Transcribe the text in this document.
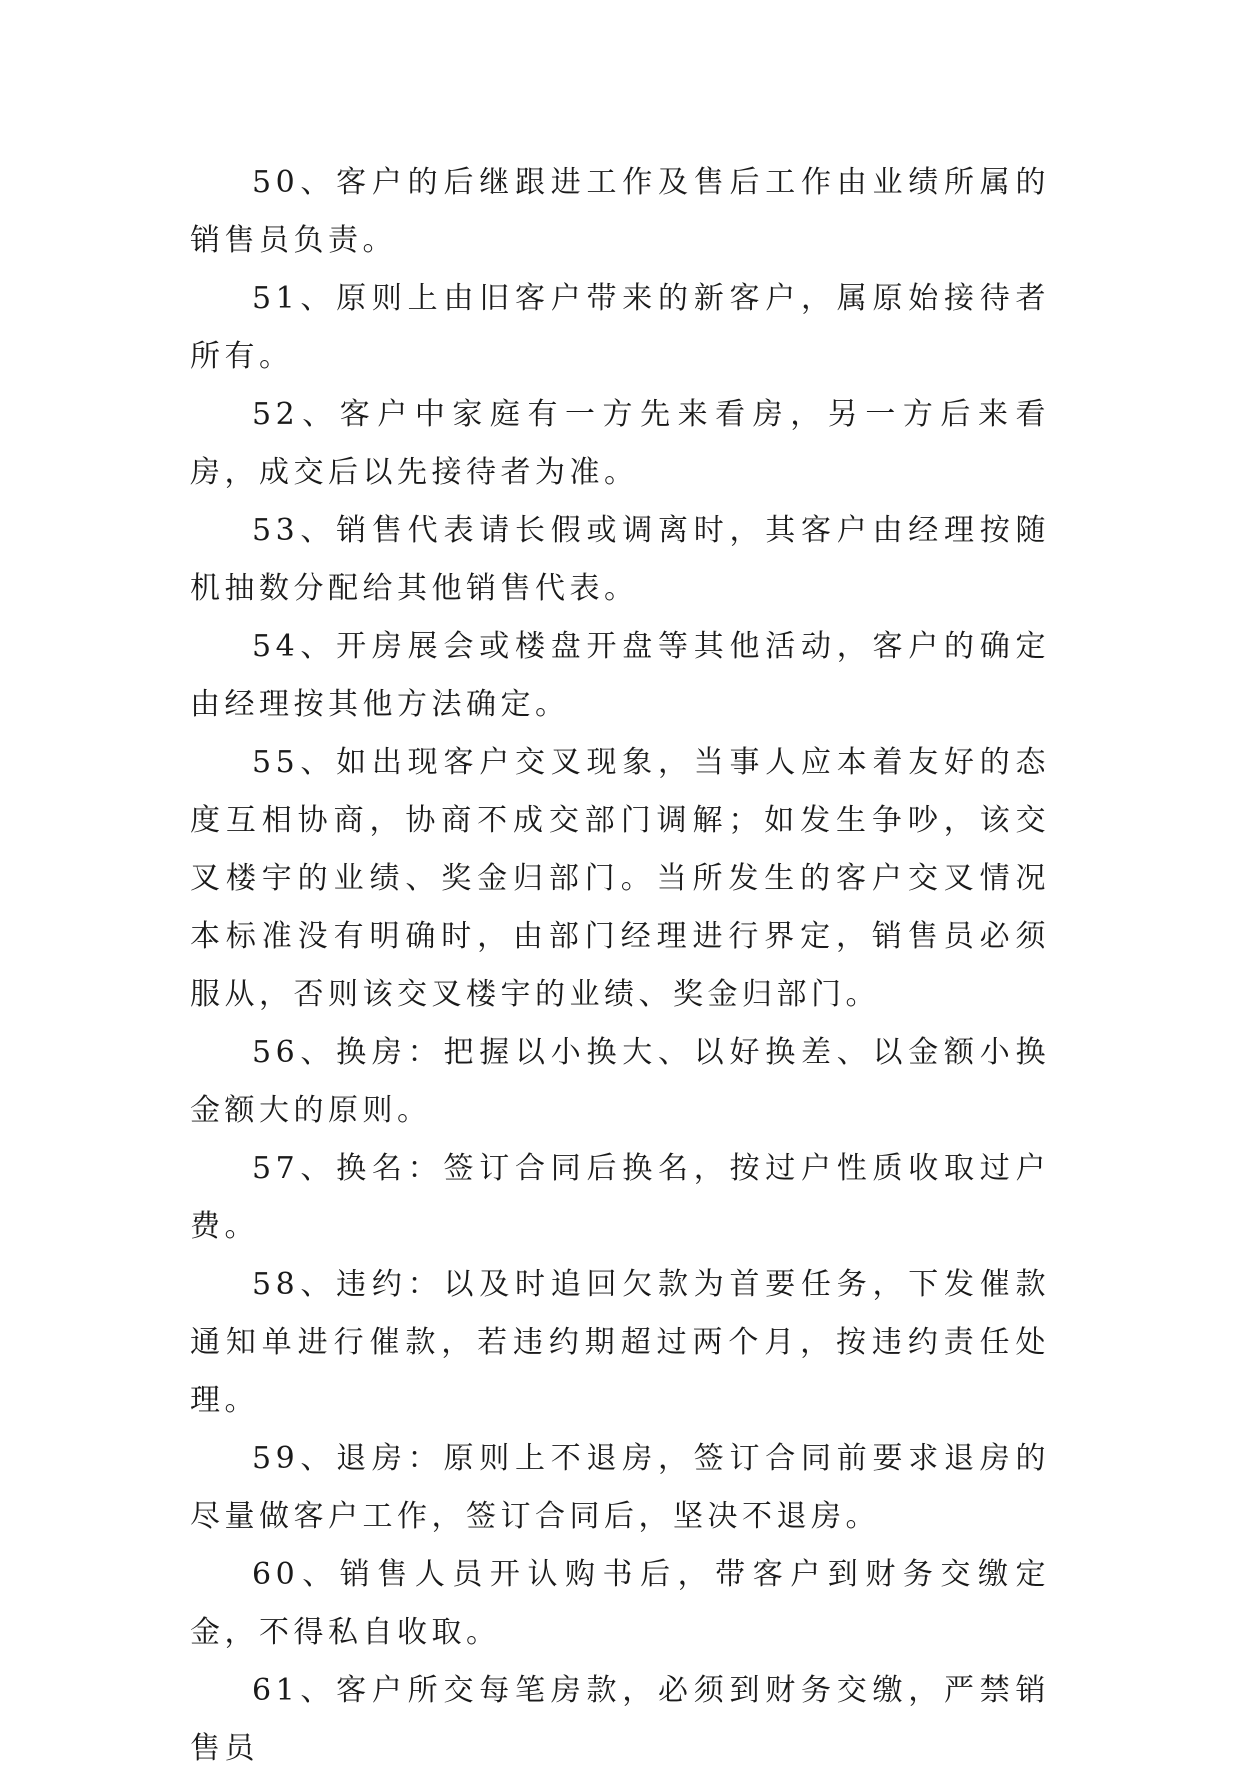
50、客户的后继跟进工作及售后工作由业绩所属的销售员负责。

51、原则上由旧客户带来的新客户，属原始接待者所有。

52、客户中家庭有一方先来看房，另一方后来看房，成交后以先接待者为准。

53、销售代表请长假或调离时，其客户由经理按随机抽数分配给其他销售代表。

54、开房展会或楼盘开盘等其他活动，客户的确定由经理按其他方法确定。

55、如出现客户交叉现象，当事人应本着友好的态度互相协商，协商不成交部门调解；如发生争吵，该交叉楼宇的业绩、奖金归部门。当所发生的客户交叉情况本标准没有明确时，由部门经理进行界定，销售员必须服从，否则该交叉楼宇的业绩、奖金归部门。

56、换房：把握以小换大、以好换差、以金额小换金额大的原则。

57、换名：签订合同后换名，按过户性质收取过户费。

58、违约：以及时追回欠款为首要任务，下发催款通知单进行催款，若违约期超过两个月，按违约责任处理。

59、退房：原则上不退房，签订合同前要求退房的尽量做客户工作，签订合同后，坚决不退房。

60、销售人员开认购书后，带客户到财务交缴定金，不得私自收取。

61、客户所交每笔房款，必须到财务交缴，严禁销售员
